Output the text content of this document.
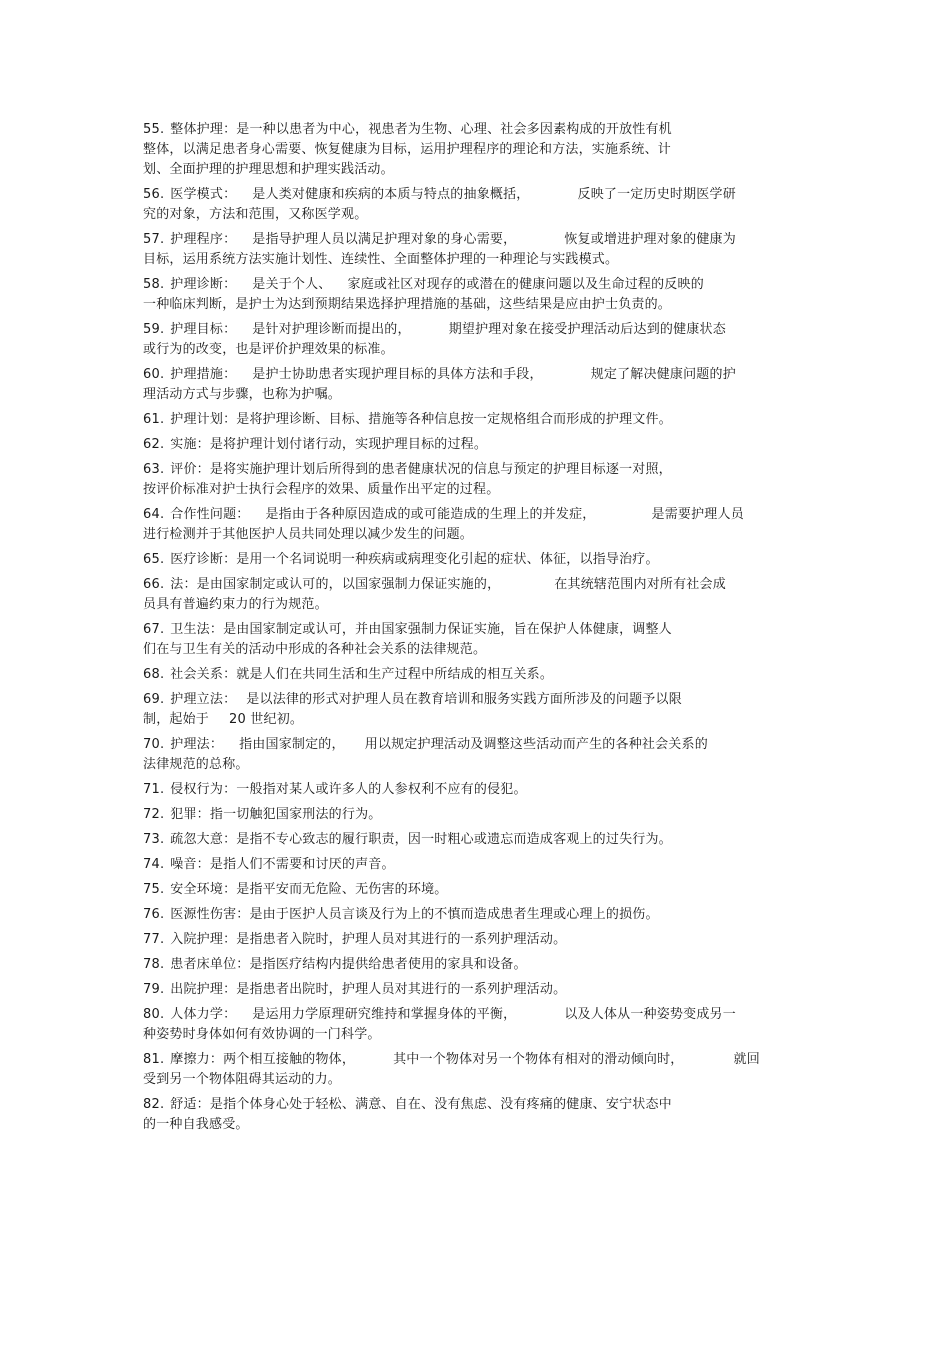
55. 整体护理：是一种以患者为中心，视患者为生物、心理、社会多因素构成的开放性有机
整体，以满足患者身心需要、恢复健康为目标，运用护理程序的理论和方法，实施系统、计
划、全面护理的护理思想和护理实践活动。
56. 医学模式： 是人类对健康和疾病的本质与特点的抽象概括，	反映了一定历史时期医学研
究的对象，方法和范围，又称医学观。
57. 护理程序： 是指导护理人员以满足护理对象的身心需要，	恢复或增进护理对象的健康为
目标，运用系统方法实施计划性、连续性、全面整体护理的一种理论与实践模式。
58. 护理诊断： 是关于个人、 家庭或社区对现存的或潜在的健康问题以及生命过程的反映的
一种临床判断，是护士为达到预期结果选择护理措施的基础，这些结果是应由护士负责的。
59. 护理目标： 是针对护理诊断而提出的，	期望护理对象在接受护理活动后达到的健康状态
或行为的改变，也是评价护理效果的标准。
60. 护理措施： 是护士协助患者实现护理目标的具体方法和手段，	规定了解决健康问题的护
理活动方式与步骤，也称为护嘱。
61. 护理计划：是将护理诊断、目标、措施等各种信息按一定规格组合而形成的护理文件。
62. 实施：是将护理计划付诸行动，实现护理目标的过程。
63. 评价：是将实施护理计划后所得到的患者健康状况的信息与预定的护理目标逐一对照，
按评价标准对护士执行会程序的效果、质量作出平定的过程。
64. 合作性问题： 是指由于各种原因造成的或可能造成的生理上的并发症，	是需要护理人员
进行检测并于其他医护人员共同处理以减少发生的问题。
65. 医疗诊断：是用一个名词说明一种疾病或病理变化引起的症状、体征，以指导治疗。
66. 法：是由国家制定或认可的，以国家强制力保证实施的，	在其统辖范围内对所有社会成
员具有普遍约束力的行为规范。
67. 卫生法：是由国家制定或认可，并由国家强制力保证实施，旨在保护人体健康，调整人
们在与卫生有关的活动中形成的各种社会关系的法律规范。
68. 社会关系：就是人们在共同生活和生产过程中所结成的相互关系。
69. 护理立法： 是以法律的形式对护理人员在教育培训和服务实践方面所涉及的问题予以限
制，起始于 20 世纪初。
70. 护理法： 指由国家制定的， 用以规定护理活动及调整这些活动而产生的各种社会关系的
法律规范的总称。
71. 侵权行为：一般指对某人或许多人的人参权利不应有的侵犯。
72. 犯罪：指一切触犯国家刑法的行为。
73. 疏忽大意：是指不专心致志的履行职责，因一时粗心或遗忘而造成客观上的过失行为。
74. 噪音：是指人们不需要和讨厌的声音。
75. 安全环境：是指平安而无危险、无伤害的环境。
76. 医源性伤害：是由于医护人员言谈及行为上的不慎而造成患者生理或心理上的损伤。
77. 入院护理：是指患者入院时，护理人员对其进行的一系列护理活动。
78. 患者床单位：是指医疗结构内提供给患者使用的家具和设备。
79. 出院护理：是指患者出院时，护理人员对其进行的一系列护理活动。
80. 人体力学： 是运用力学原理研究维持和掌握身体的平衡，	以及人体从一种姿势变成另一
种姿势时身体如何有效协调的一门科学。
81. 摩擦力：两个相互接触的物体，	其中一个物体对另一个物体有相对的滑动倾向时，	就回
受到另一个物体阻碍其运动的力。
82. 舒适：是指个体身心处于轻松、满意、自在、没有焦虑、没有疼痛的健康、安宁状态中
的一种自我感受。
